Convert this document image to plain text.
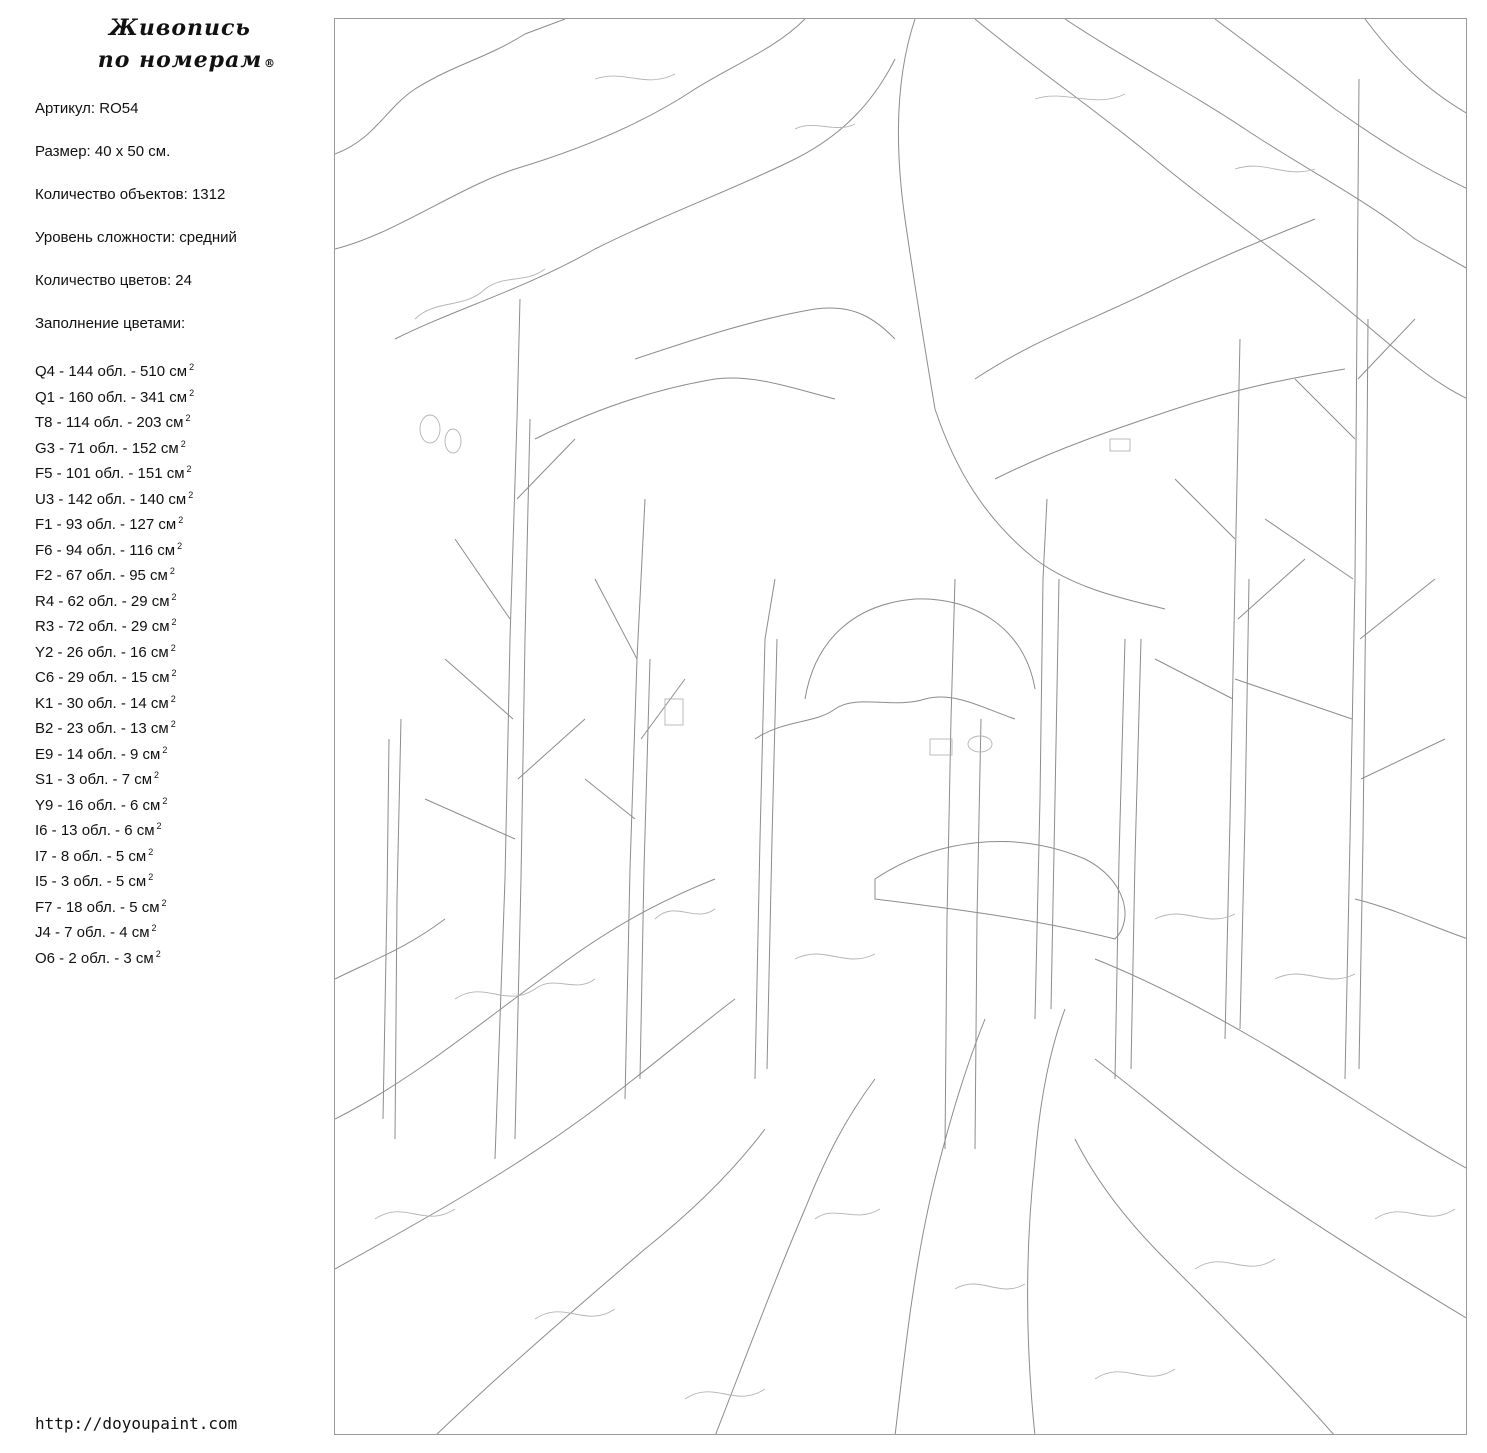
Живопись
по номерам ®
Артикул: RO54
Размер: 40 х 50 см.
Количество объектов: 1312
Уровень сложности: средний
Количество цветов: 24
Заполнение цветами:
Q4 - 144 обл. - 510 см $^2$
Q1 - 160 обл. - 341 см $^2$
T8 - 114 обл. - 203 см $^2$
G3 - 71 обл. - 152 см $^2$
F5 - 101 обл. - 151 см $^2$
U3 - 142 обл. - 140 см $^2$
F1 - 93 обл. - 127 см $^2$
F6 - 94 обл. - 116 см $^2$
F2 - 67 обл. - 95 см $^2$
R4 - 62 обл. - 29 см $^2$
R3 - 72 обл. - 29 см $^2$
Y2 - 26 обл. - 16 см $^2$
C6 - 29 обл. - 15 см $^2$
K1 - 30 обл. - 14 см $^2$
B2 - 23 обл. - 13 см $^2$
E9 - 14 обл. - 9 см $^2$
S1 - 3 обл. - 7 см $^2$
Y9 - 16 обл. - 6 см $^2$
I6 - 13 обл. - 6 см $^2$
I7 - 8 обл. - 5 см $^2$
I5 - 3 обл. - 5 см $^2$
F7 - 18 обл. - 5 см $^2$
J4 - 7 обл. - 4 см $^2$
O6 - 2 обл. - 3 см $^2$
http://doyoupaint.com
